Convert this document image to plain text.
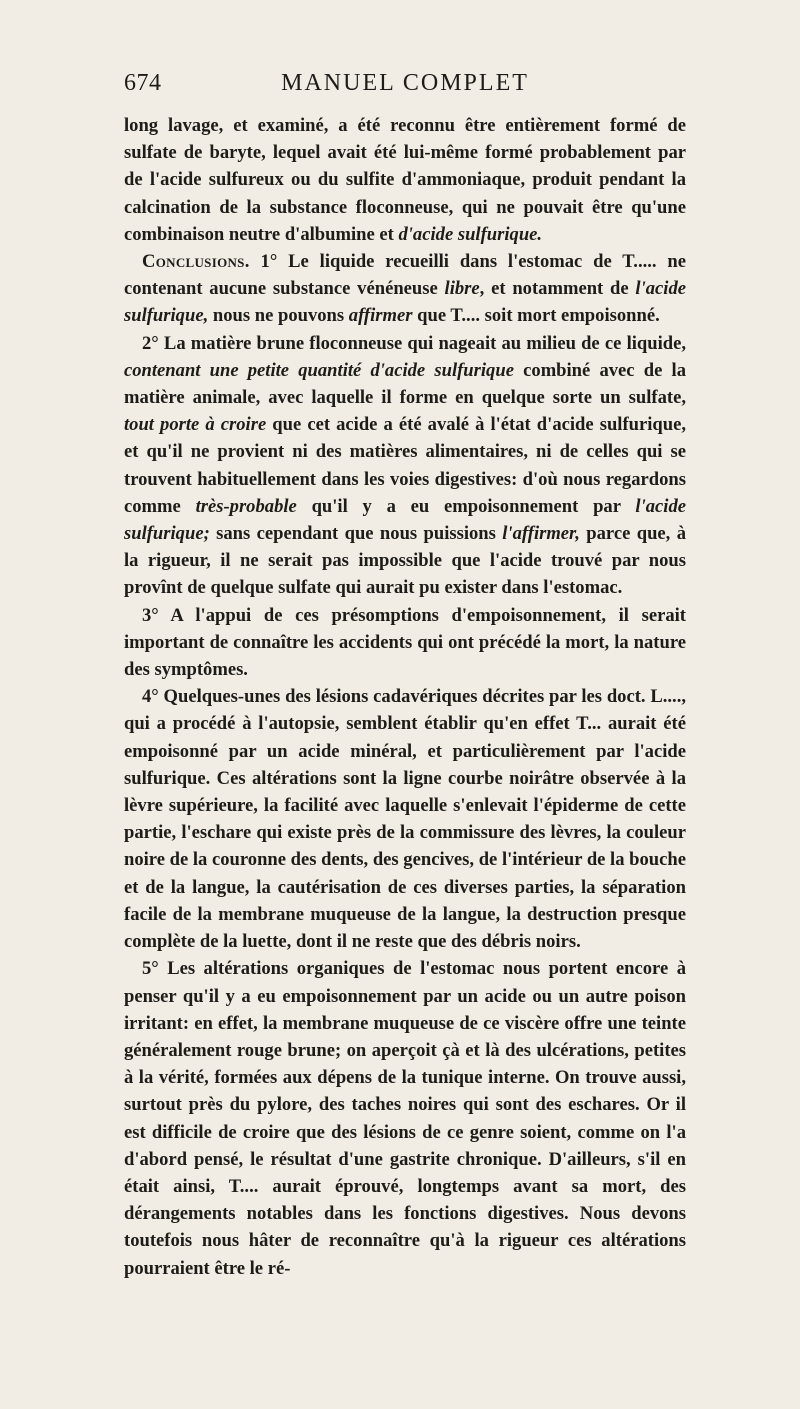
674	MANUEL COMPLET

long lavage, et examiné, a été reconnu être entièrement formé de sulfate de baryte, lequel avait été lui-même formé probablement par de l'acide sulfureux ou du sulfite d'ammoniaque, produit pendant la calcination de la substance floconneuse, qui ne pouvait être qu'une combinaison neutre d'albumine et d'acide sulfurique.

Conclusions. 1° Le liquide recueilli dans l'estomac de T..... ne contenant aucune substance vénéneuse libre, et notamment de l'acide sulfurique, nous ne pouvons affirmer que T.... soit mort empoisonné.

2° La matière brune floconneuse qui nageait au milieu de ce liquide, contenant une petite quantité d'acide sulfurique combiné avec de la matière animale, avec laquelle il forme en quelque sorte un sulfate, tout porte à croire que cet acide a été avalé à l'état d'acide sulfurique, et qu'il ne provient ni des matières alimentaires, ni de celles qui se trouvent habituellement dans les voies digestives: d'où nous regardons comme très-probable qu'il y a eu empoisonnement par l'acide sulfurique; sans cependant que nous puissions l'affirmer, parce que, à la rigueur, il ne serait pas impossible que l'acide trouvé par nous provînt de quelque sulfate qui aurait pu exister dans l'estomac.

3° A l'appui de ces présomptions d'empoisonnement, il serait important de connaître les accidents qui ont précédé la mort, la nature des symptômes.

4° Quelques-unes des lésions cadavériques décrites par les doct. L...., qui a procédé à l'autopsie, semblent établir qu'en effet T... aurait été empoisonné par un acide minéral, et particulièrement par l'acide sulfurique. Ces altérations sont la ligne courbe noirâtre observée à la lèvre supérieure, la facilité avec laquelle s'enlevait l'épiderme de cette partie, l'eschare qui existe près de la commissure des lèvres, la couleur noire de la couronne des dents, des gencives, de l'intérieur de la bouche et de la langue, la cautérisation de ces diverses parties, la séparation facile de la membrane muqueuse de la langue, la destruction presque complète de la luette, dont il ne reste que des débris noirs.

5° Les altérations organiques de l'estomac nous portent encore à penser qu'il y a eu empoisonnement par un acide ou un autre poison irritant: en effet, la membrane muqueuse de ce viscère offre une teinte généralement rouge brune; on aperçoit çà et là des ulcérations, petites à la vérité, formées aux dépens de la tunique interne. On trouve aussi, surtout près du pylore, des taches noires qui sont des eschares. Or il est difficile de croire que des lésions de ce genre soient, comme on l'a d'abord pensé, le résultat d'une gastrite chronique. D'ailleurs, s'il en était ainsi, T.... aurait éprouvé, longtemps avant sa mort, des dérangements notables dans les fonctions digestives. Nous devons toutefois nous hâter de reconnaître qu'à la rigueur ces altérations pourraient être le ré-
